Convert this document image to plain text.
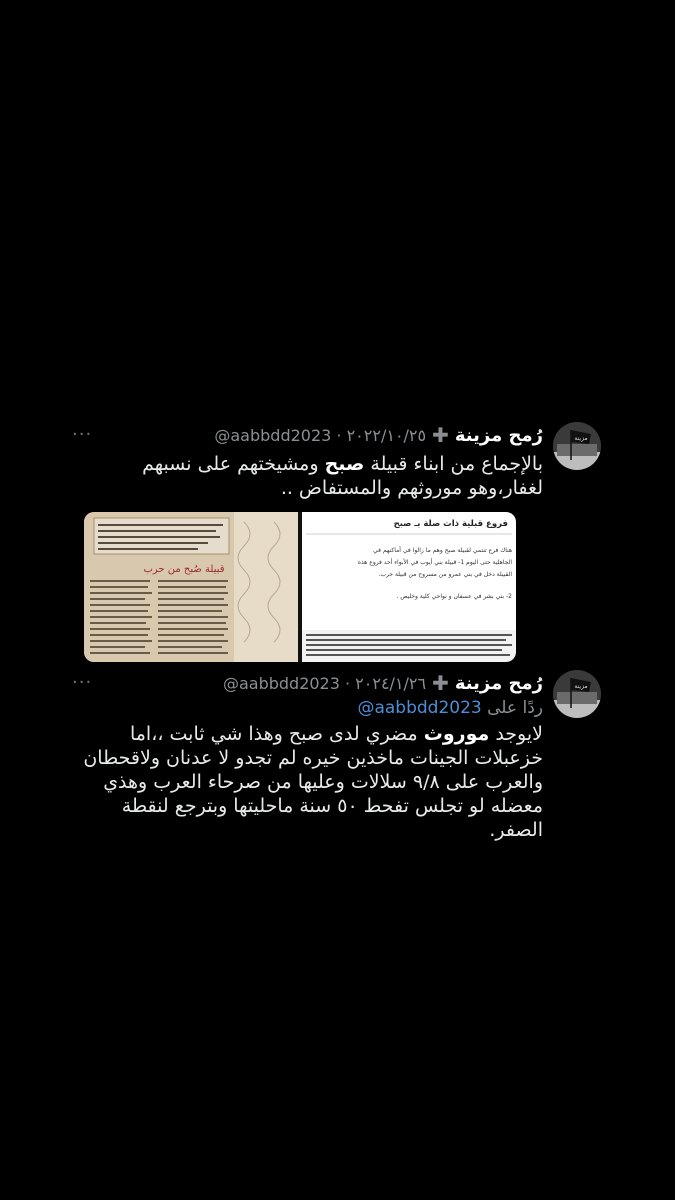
مزينة
رُمح مزينة
✚
@aabbdd2023 · ٢٠٢٢/١٠/٢٥
···
بالإجماع من ابناء قبيلة صبح ومشيختهم على نسبهم لغفار،وهو موروثهم والمستفاض ..
قبيلة صُبح من حرب
فروع قبلية ذات صلة بـ صبح
هناك فرع تنتمي لقبيلة صبح وهم ما زالوا في أماكنهم في
الجاهلية حتى اليوم 1- قبيلة بني أيوب في الأبواء أحد فروع هذه
القبيلة دخل في بني عمرو من مسروح من قبيلة حرب.
2- بني بشر في عسفان و نواحي كلية وخليص .
مزينة
رُمح مزينة
✚
@aabbdd2023 · ٢٠٢٤/١/٢٦
···
ردًا على @aabbdd2023
لايوجد موروث مضري لدى صبح وهذا شي ثابت ،،اما خزعبلات الجينات ماخذين خيره لم تجدو لا عدنان ولاقحطان والعرب على ٩/٨ سلالات وعليها من صرحاء العرب وهذي معضله لو تجلس تفحط ٥٠ سنة ماحليتها وبترجع لنقطة الصفر.
